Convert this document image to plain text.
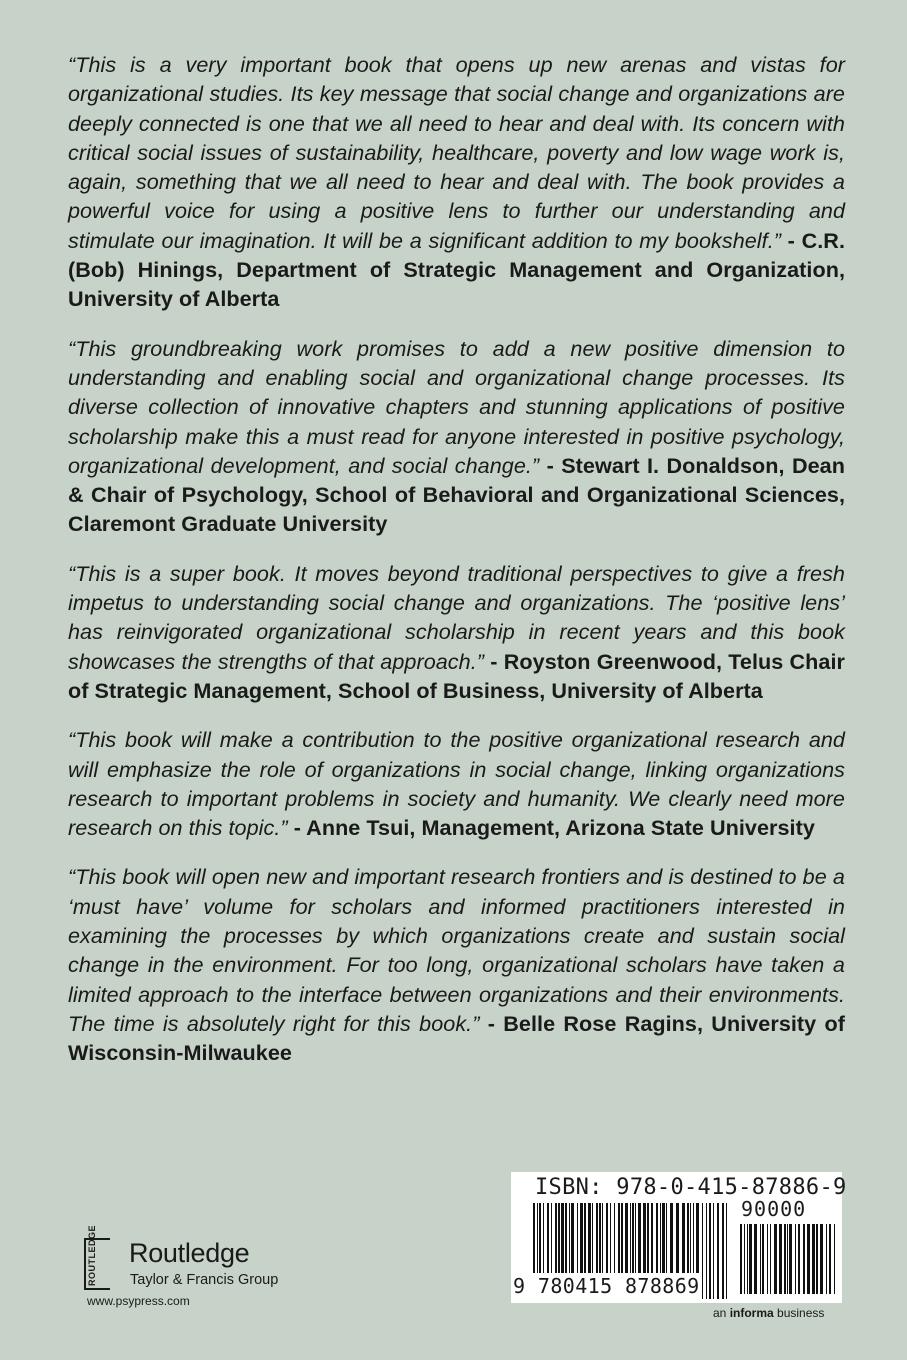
“This is a very important book that opens up new arenas and vistas for organizational studies. Its key message that social change and organizations are deeply connected is one that we all need to hear and deal with. Its concern with critical social issues of sustainability, healthcare, poverty and low wage work is, again, something that we all need to hear and deal with. The book provides a powerful voice for using a positive lens to further our understanding and stimulate our imagination. It will be a significant addition to my bookshelf.” - C.R. (Bob) Hinings, Department of Strategic Management and Organization, University of Alberta

“This groundbreaking work promises to add a new positive dimension to understanding and enabling social and organizational change processes. Its diverse collection of innovative chapters and stunning applications of positive scholarship make this a must read for anyone interested in positive psychology, organizational development, and social change.” - Stewart I. Donaldson, Dean & Chair of Psychology, School of Behavioral and Organizational Sciences, Claremont Graduate University

“This is a super book. It moves beyond traditional perspectives to give a fresh impetus to understanding social change and organizations. The ‘positive lens’ has reinvigorated organizational scholarship in recent years and this book showcases the strengths of that approach.” - Royston Greenwood, Telus Chair of Strategic Management, School of Business, University of Alberta

“This book will make a contribution to the positive organizational research and will emphasize the role of organizations in social change, linking organizations research to important problems in society and humanity. We clearly need more research on this topic.” - Anne Tsui, Management, Arizona State University

“This book will open new and important research frontiers and is destined to be a ‘must have’ volume for scholars and informed practitioners interested in examining the processes by which organizations create and sustain social change in the environment. For too long, organizational scholars have taken a limited approach to the interface between organizations and their environments. The time is absolutely right for this book.” - Belle Rose Ragins, University of Wisconsin-Milwaukee

ROUTLEDGE Routledge
Taylor & Francis Group
www.psypress.com
ISBN: 978-0-415-87886-9
90000
9 780415 878869
an informa business
